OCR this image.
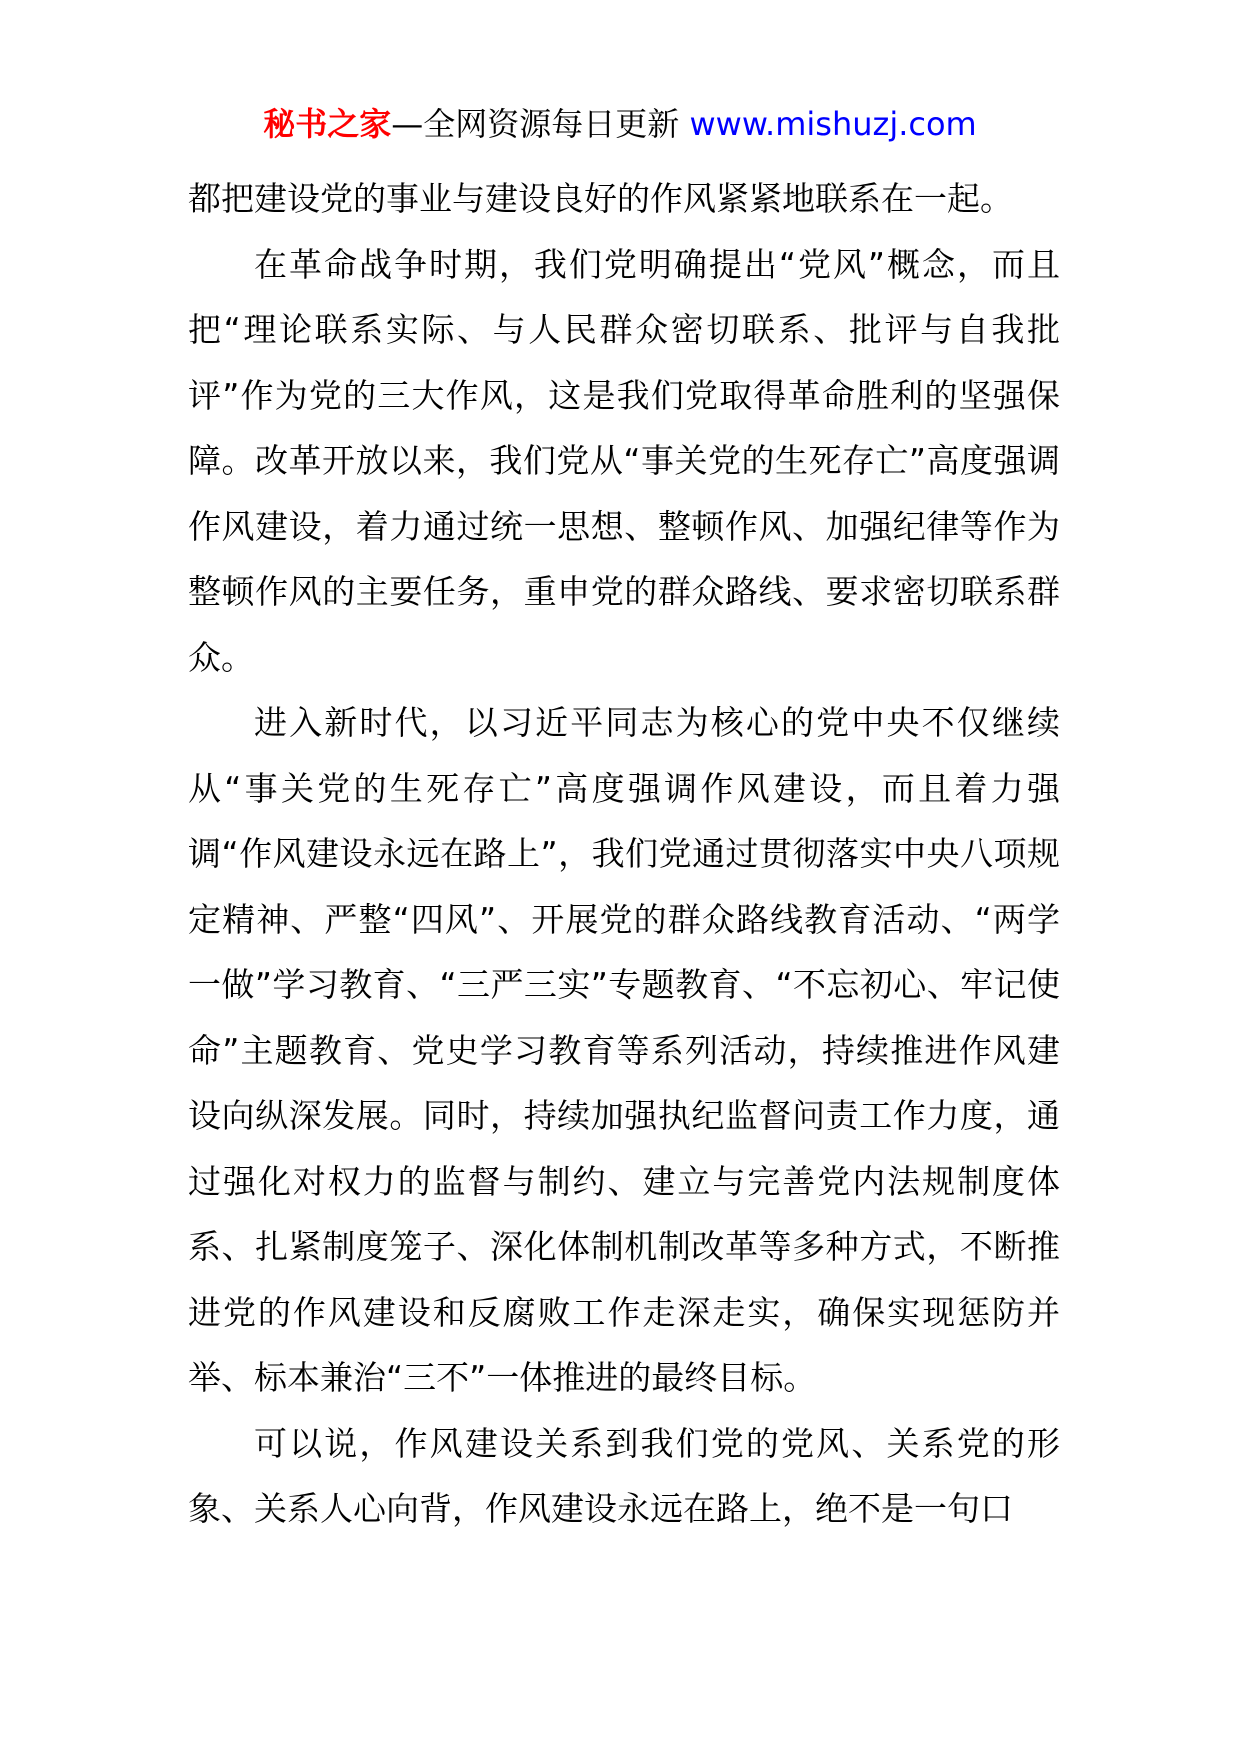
秘书之家—全网资源每日更新 www.mishuzj.com

都把建设党的事业与建设良好的作风紧紧地联系在一起。

在革命战争时期，我们党明确提出“党风”概念，而且把“理论联系实际、与人民群众密切联系、批评与自我批评”作为党的三大作风，这是我们党取得革命胜利的坚强保障。改革开放以来，我们党从“事关党的生死存亡”高度强调作风建设，着力通过统一思想、整顿作风、加强纪律等作为整顿作风的主要任务，重申党的群众路线、要求密切联系群众。

进入新时代，以习近平同志为核心的党中央不仅继续从“事关党的生死存亡”高度强调作风建设，而且着力强调“作风建设永远在路上”，我们党通过贯彻落实中央八项规定精神、严整“四风”、开展党的群众路线教育活动、“两学一做”学习教育、“三严三实”专题教育、“不忘初心、牢记使命”主题教育、党史学习教育等系列活动，持续推进作风建设向纵深发展。同时，持续加强执纪监督问责工作力度，通过强化对权力的监督与制约、建立与完善党内法规制度体系、扎紧制度笼子、深化体制机制改革等多种方式，不断推进党的作风建设和反腐败工作走深走实，确保实现惩防并举、标本兼治“三不”一体推进的最终目标。

可以说，作风建设关系到我们党的党风、关系党的形象、关系人心向背，作风建设永远在路上，绝不是一句口
